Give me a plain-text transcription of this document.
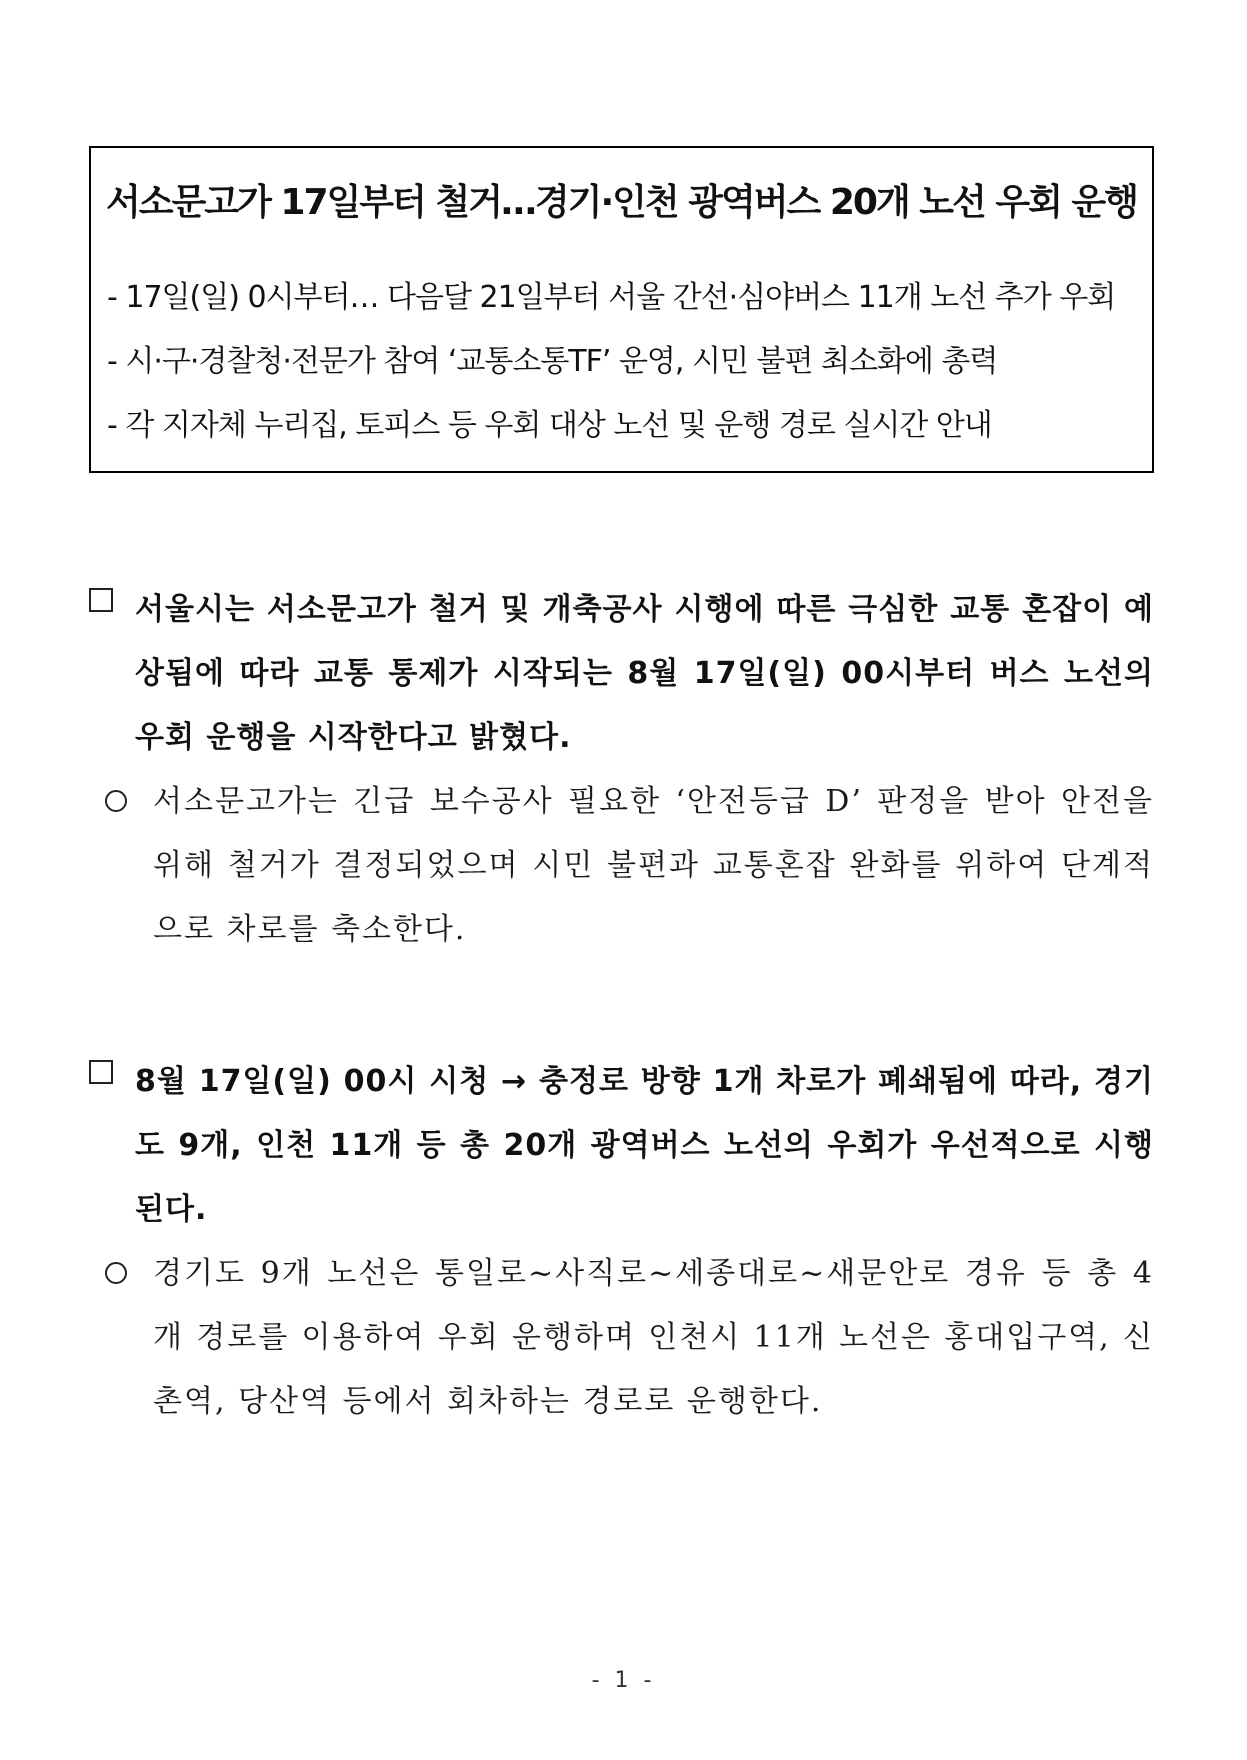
서소문고가 17일부터 철거…경기·인천 광역버스 20개 노선 우회 운행
- 17일(일) 0시부터… 다음달 21일부터 서울 간선·심야버스 11개 노선 추가 우회
- 시·구·경찰청·전문가 참여 ‘교통소통TF’ 운영, 시민 불편 최소화에 총력
- 각 지자체 누리집, 토피스 등 우회 대상 노선 및 운행 경로 실시간 안내
서울시는 서소문고가 철거 및 개축공사 시행에 따른 극심한 교통 혼잡이 예상됨에 따라 교통 통제가 시작되는 8월 17일(일) 00시부터 버스 노선의 우회 운행을 시작한다고 밝혔다.
서소문고가는 긴급 보수공사 필요한 ‘안전등급 D’ 판정을 받아 안전을 위해 철거가 결정되었으며 시민 불편과 교통혼잡 완화를 위하여 단계적으로 차로를 축소한다.
8월 17일(일) 00시 시청 → 충정로 방향 1개 차로가 폐쇄됨에 따라, 경기도 9개, 인천 11개 등 총 20개 광역버스 노선의 우회가 우선적으로 시행된다.
경기도 9개 노선은 통일로~사직로~세종대로~새문안로 경유 등 총 4개 경로를 이용하여 우회 운행하며 인천시 11개 노선은 홍대입구역, 신촌역, 당산역 등에서 회차하는 경로로 운행한다.
- 1 -
